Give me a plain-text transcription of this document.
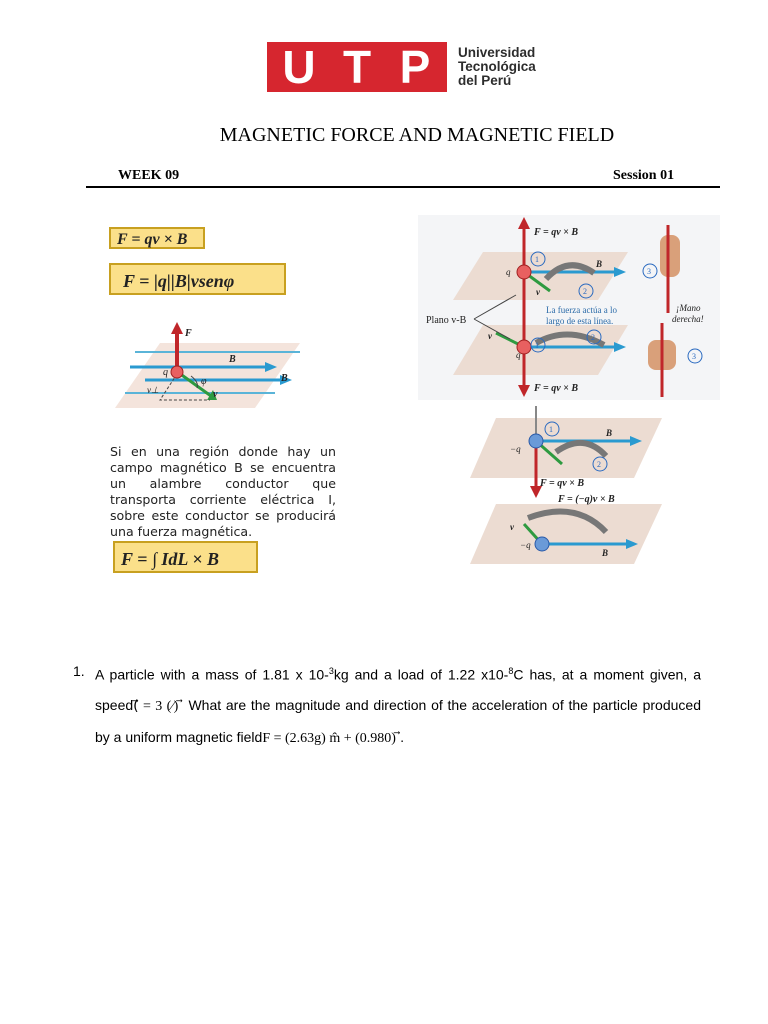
U T P	Universidad
Tecnológica
del Perú
MAGNETIC FORCE AND MAGNETIC FIELD
WEEK 09	Session 01
F = qv × B
F = |q||B|vsenφ
F
q
φ
B
B
v
v⊥
Si en una región donde hay un campo magnético B se encuentra un alambre conductor que transporta corriente eléctrica I, sobre este conductor se producirá una fuerza magnética.
F = ∫ IdL × B
F = qv × B
F = qv × B
Plano v-B
La fuerza actúa a lo
largo de esta línea.
¡Mano
derecha!
q
q
B
v
v
1
2
3
1
2
3
1
2
−q
−q
B
B
v
F = qv × B
F = (−q)v × B
1. A particle with a mass of 1.81 x 10-$^3$kg and a load of 1.22 x10-$^8$C has, at a moment given, a speed(⃗ = 3 (⁄) ⃗ What are the magnitude and direction of the acceleration of the particle produced by a uniform magnetic fieldF = (2.63g) m̂ + (0.980) ⃗.
